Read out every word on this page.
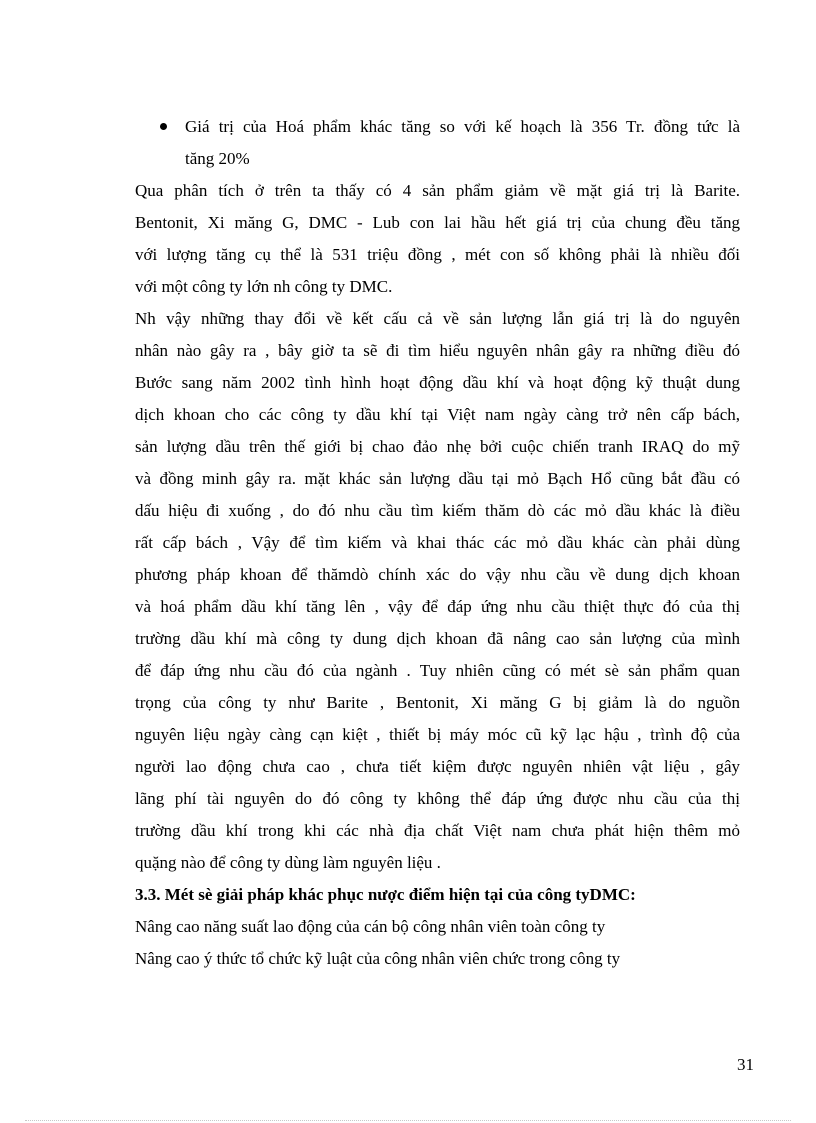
Giá trị của Hoá phẩm khác tăng so với kế hoạch là 356 Tr. đồng tức là
tăng 20%
Qua phân tích ở trên ta thấy có 4 sản phẩm giảm về mặt giá trị là Barite.
Bentonit, Xi măng G, DMC - Lub con lai hầu hết giá trị của chung đều tăng
với lượng tăng cụ thể là 531 triệu đồng , mét con số không phải là nhiều đối
với một công ty lớn nh công ty DMC.
Nh vậy những thay đổi về kết cấu cả về sản lượng lẫn giá trị là do nguyên
nhân nào gây ra , bây giờ ta sẽ đi tìm hiểu nguyên nhân gây ra những điều đó
Bước sang năm 2002 tình hình hoạt động dầu khí và hoạt động kỹ thuật dung
dịch khoan cho các công ty dầu khí tại Việt nam ngày càng trở nên cấp bách,
sản lượng dầu trên thế giới bị chao đảo nhẹ bởi cuộc chiến tranh IRAQ do mỹ
và đồng minh gây ra. mặt khác sản lượng dầu tại mỏ Bạch Hổ cũng bắt đầu có
dấu hiệu đi xuống , do đó nhu cầu tìm kiếm thăm dò các mỏ dầu khác là điều
rất cấp bách , Vậy để tìm kiếm và khai thác các mỏ dầu khác càn phải dùng
phương pháp khoan để thămdò chính xác do vậy nhu cầu về dung dịch khoan
và hoá phẩm dầu khí tăng lên , vậy để đáp ứng nhu cầu thiệt thực đó của thị
trường dầu khí mà công ty dung dịch khoan đã nâng cao sản lượng của mình
để đáp ứng nhu cầu đó của ngành . Tuy nhiên cũng có mét sè sản phẩm quan
trọng của công ty như Barite , Bentonit, Xi măng G bị giảm là do nguồn
nguyên liệu ngày càng cạn kiệt , thiết bị máy móc cũ kỹ lạc hậu , trình độ của
người lao động chưa cao , chưa tiết kiệm được nguyên nhiên vật liệu , gây
lãng phí tài nguyên do đó công ty không thể đáp ứng được nhu cầu của thị
trường dầu khí trong khi các nhà địa chất Việt nam chưa phát hiện thêm mỏ
quặng nào để công ty dùng làm nguyên liệu .
3.3. Mét sè giải pháp khác phục nược điểm hiện tại của công tyDMC:
Nâng cao năng suất lao động của cán bộ công nhân viên toàn công ty
Nâng cao ý thức tổ chức kỹ luật của công nhân viên chức trong công ty
31
